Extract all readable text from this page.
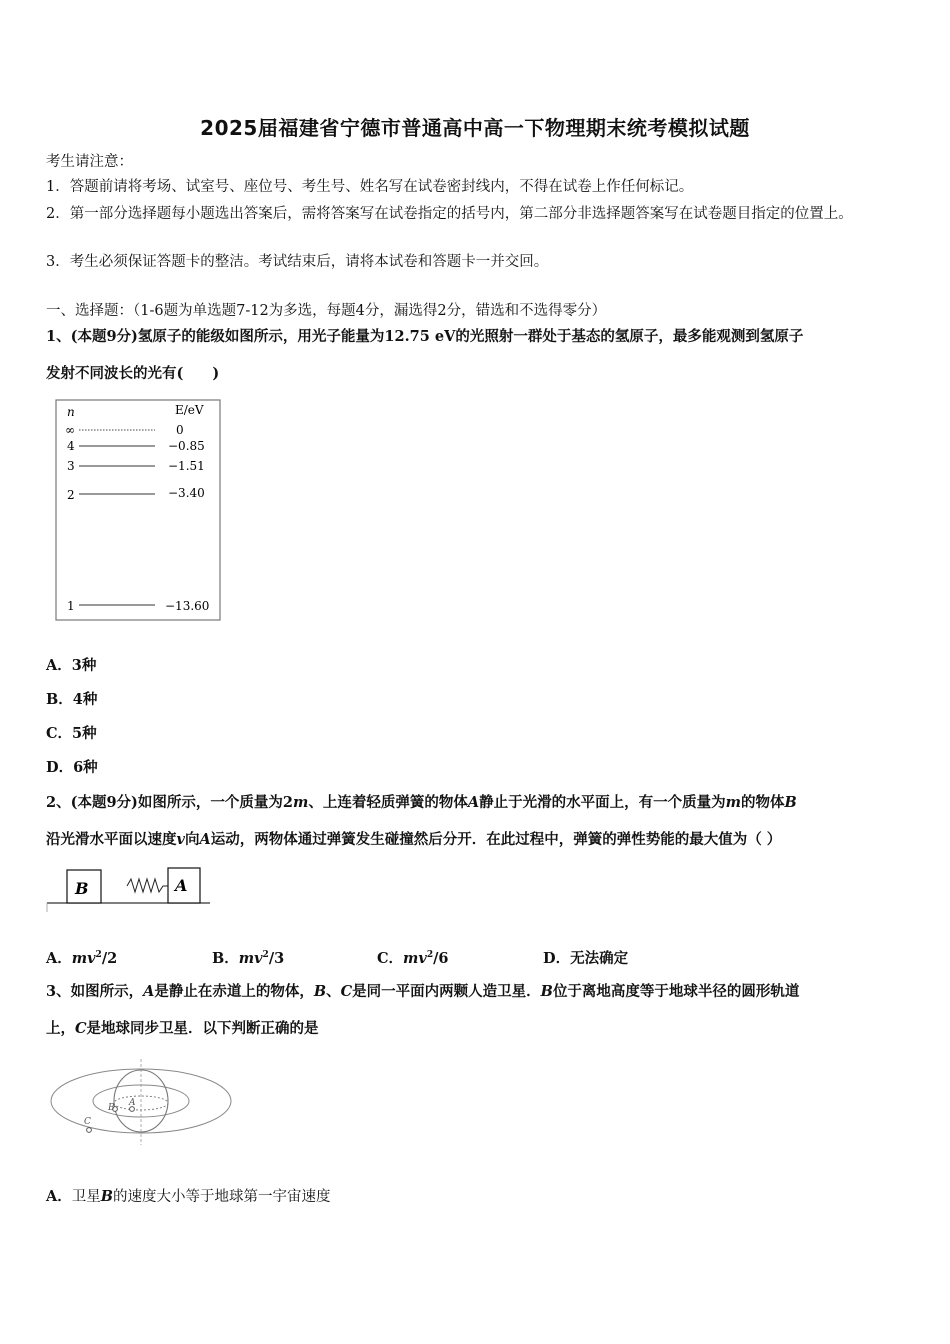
2025届福建省宁德市普通高中高一下物理期末统考模拟试题
考生请注意：
1．答题前请将考场、试室号、座位号、考生号、姓名写在试卷密封线内，不得在试卷上作任何标记。
2．第一部分选择题每小题选出答案后，需将答案写在试卷指定的括号内，第二部分非选择题答案写在试卷题目指定的位置上。
3．考生必须保证答题卡的整洁。考试结束后，请将本试卷和答题卡一并交回。
一、选择题：（1-6题为单选题7-12为多选，每题4分，漏选得2分，错选和不选得零分）
1、(本题9分)氢原子的能级如图所示，用光子能量为12.75 eV的光照射一群处于基态的氢原子，最多能观测到氢原子
发射不同波长的光有(　　)
n	E/eV
∞	0
4	−0.85
3	−1.51
2	−3.40
1	−13.60
A．3种
B．4种
C．5种
D．6种
2、(本题9分)如图所示，一个质量为2m、上连着轻质弹簧的物体A静止于光滑的水平面上，有一个质量为m的物体B
沿光滑水平面以速度v向A运动，两物体通过弹簧发生碰撞然后分开．在此过程中，弹簧的弹性势能的最大值为（ ）
B	A
A．$mv^2/2$	B．$mv^2/3$	C．$mv^2/6$	D．无法确定
3、如图所示，A是静止在赤道上的物体，B、C是同一平面内两颗人造卫星．B位于离地高度等于地球半径的圆形轨道
上，C是地球同步卫星．以下判断正确的是
A
B
C
A．卫星B的速度大小等于地球第一宇宙速度
